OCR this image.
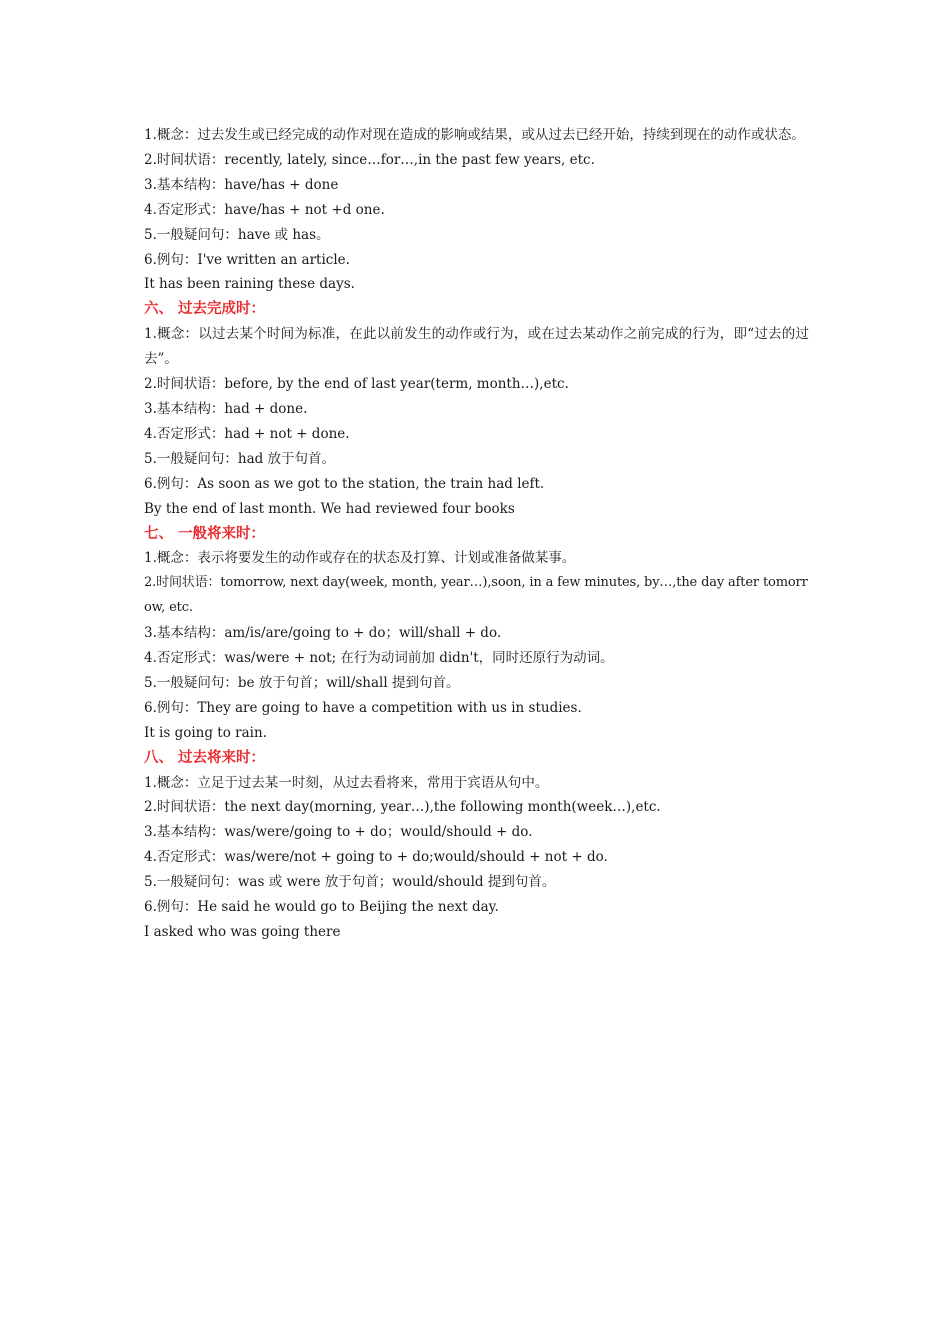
1.概念：过去发生或已经完成的动作对现在造成的影响或结果，或从过去已经开始，持续到现在的动作或状态。
2.时间状语：recently, lately, since…for…,in the past few years, etc.
3.基本结构：have/has + done
4.否定形式：have/has + not +d one.
5.一般疑问句：have 或 has。
6.例句：I've written an article.
It has been raining these days.
六、 过去完成时：
1.概念：以过去某个时间为标准，在此以前发生的动作或行为，或在过去某动作之前完成的行为，即“过去的过去”。
2.时间状语：before, by the end of last year(term, month…),etc.
3.基本结构：had + done.
4.否定形式：had + not + done.
5.一般疑问句：had 放于句首。
6.例句：As soon as we got to the station, the train had left.
By the end of last month. We had reviewed four books
七、 一般将来时：
1.概念：表示将要发生的动作或存在的状态及打算、计划或准备做某事。
2.时间状语：tomorrow, next day(week, month, year…),soon, in a few minutes, by…,the day after tomorrow, etc.
3.基本结构：am/is/are/going to + do；will/shall + do.
4.否定形式：was/were + not; 在行为动词前加 didn't，同时还原行为动词。
5.一般疑问句：be 放于句首；will/shall 提到句首。
6.例句：They are going to have a competition with us in studies.
It is going to rain.
八、 过去将来时：
1.概念：立足于过去某一时刻，从过去看将来，常用于宾语从句中。
2.时间状语：the next day(morning, year…),the following month(week…),etc.
3.基本结构：was/were/going to + do；would/should + do.
4.否定形式：was/were/not + going to + do;would/should + not + do.
5.一般疑问句：was 或 were 放于句首；would/should 提到句首。
6.例句：He said he would go to Beijing the next day.
I asked who was going there
